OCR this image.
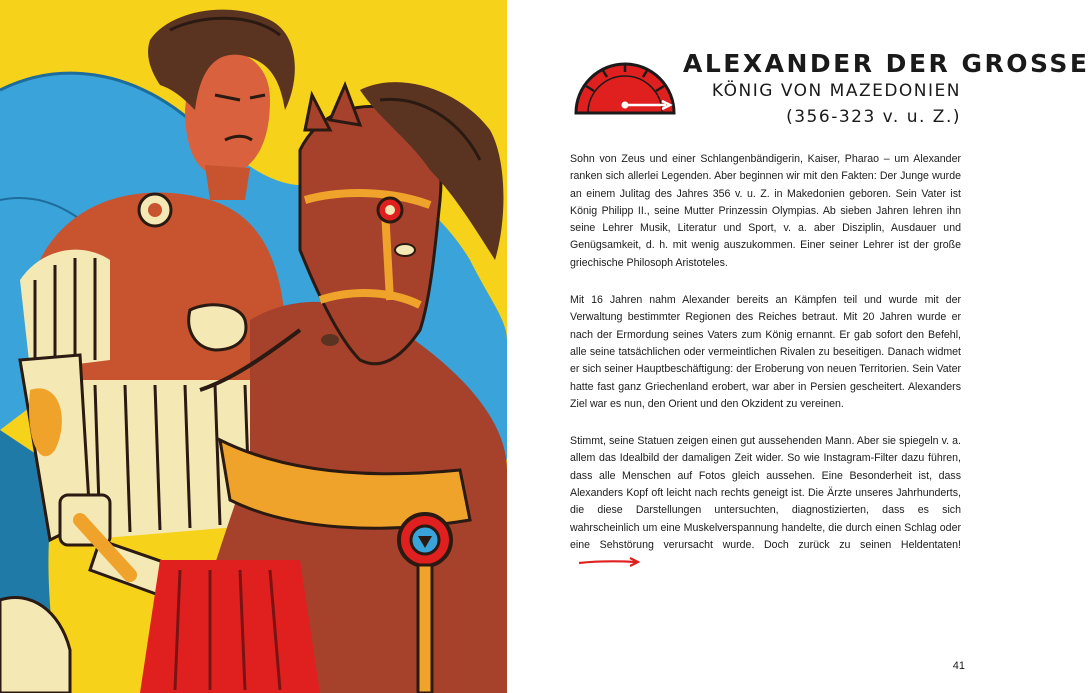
ALEXANDER DER GROSSE
KÖNIG VON MAZEDONIEN
(356-323 v. u. Z.)

Sohn von Zeus und einer Schlangenbändigerin, Kaiser, Pharao – um Alexander ranken sich allerlei Legenden. Aber beginnen wir mit den Fakten: Der Junge wurde an einem Julitag des Jahres 356 v. u. Z. in Makedonien geboren. Sein Vater ist König Philipp II., seine Mutter Prinzessin Olympias. Ab sieben Jahren lehren ihn seine Lehrer Musik, Literatur und Sport, v. a. aber Disziplin, Ausdauer und Genügsamkeit, d. h. mit wenig auszukommen. Einer seiner Lehrer ist der große griechische Philosoph Aristoteles.

Mit 16 Jahren nahm Alexander bereits an Kämpfen teil und wurde mit der Verwaltung bestimmter Regionen des Reiches betraut. Mit 20 Jahren wurde er nach der Ermordung seines Vaters zum König ernannt. Er gab sofort den Befehl, alle seine tatsächlichen oder vermeintlichen Rivalen zu beseitigen. Danach widmet er sich seiner Hauptbeschäftigung: der Eroberung von neuen Territorien. Sein Vater hatte fast ganz Griechenland erobert, war aber in Persien gescheitert. Alexanders Ziel war es nun, den Orient und den Okzident zu vereinen.

Stimmt, seine Statuen zeigen einen gut aussehenden Mann. Aber sie spiegeln v. a. allem das Idealbild der damaligen Zeit wider. So wie Instagram-Filter dazu führen, dass alle Menschen auf Fotos gleich aussehen. Eine Besonderheit ist, dass Alexanders Kopf oft leicht nach rechts geneigt ist. Die Ärzte unseres Jahrhunderts, die diese Darstellungen untersuchten, diagnostizierten, dass es sich wahrscheinlich um eine Muskelverspannung handelte, die durch einen Schlag oder eine Sehstörung verursacht wurde. Doch zurück zu seinen Heldentaten!

41
